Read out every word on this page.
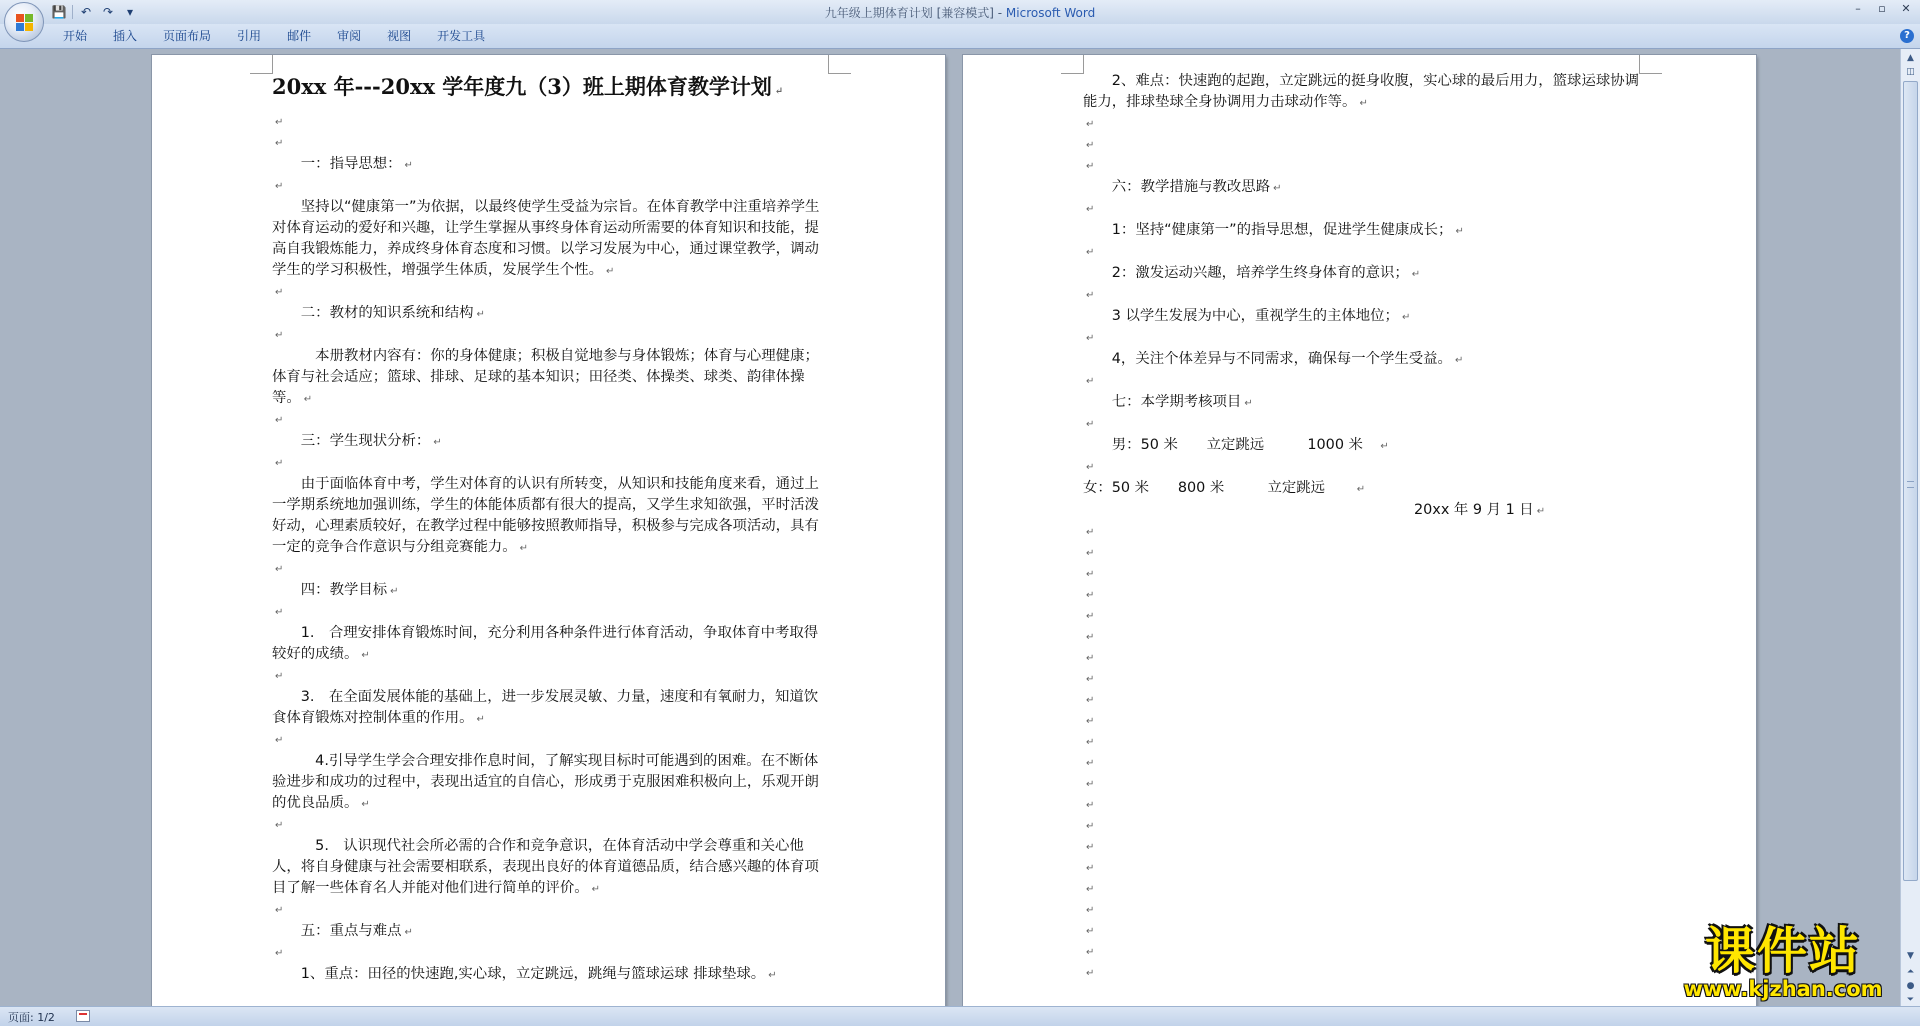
💾	↶ ↷	▾	九年级上期体育计划 [兼容模式] - Microsoft Word	–	▫	✕
开始	插入	页面布局	引用	邮件	审阅	视图	开发工具	?

20xx 年---20xx 学年度九（3）班上期体育教学计划 ↵

↵

↵

　　一：指导思想： ↵

↵

　　坚持以“健康第一”为依据，以最终使学生受益为宗旨。在体育教学中注重培养学生对体育运动的爱好和兴趣，让学生掌握从事终身体育运动所需要的体育知识和技能，提高自我锻炼能力，养成终身体育态度和习惯。以学习发展为中心，通过课堂教学，调动学生的学习积极性，增强学生体质，发展学生个性。 ↵

↵

　　二：教材的知识系统和结构 ↵

↵

　　　本册教材内容有：你的身体健康；积极自觉地参与身体锻炼；体育与心理健康；体育与社会适应；篮球、排球、足球的基本知识；田径类、体操类、球类、韵律体操等。 ↵

↵

　　三：学生现状分析： ↵

↵

　　由于面临体育中考，学生对体育的认识有所转变，从知识和技能角度来看，通过上一学期系统地加强训练，学生的体能体质都有很大的提高，又学生求知欲强，平时活泼好动，心理素质较好，在教学过程中能够按照教师指导，积极参与完成各项活动，具有一定的竞争合作意识与分组竞赛能力。 ↵

↵

　　四：教学目标 ↵

↵

　　1.　合理安排体育锻炼时间，充分利用各种条件进行体育活动，争取体育中考取得较好的成绩。 ↵

↵

　　3.　在全面发展体能的基础上，进一步发展灵敏、力量，速度和有氧耐力，知道饮食体育锻炼对控制体重的作用。 ↵

↵

　　　4.引导学生学会合理安排作息时间，了解实现目标时可能遇到的困难。在不断体验进步和成功的过程中，表现出适宜的自信心，形成勇于克服困难积极向上，乐观开朗的优良品质。 ↵

↵

　　　5.　认识现代社会所必需的合作和竞争意识，在体育活动中学会尊重和关心他人，将自身健康与社会需要相联系，表现出良好的体育道德品质，结合感兴趣的体育项目了解一些体育名人并能对他们进行简单的评价。 ↵

↵

　　五：重点与难点 ↵

↵

　　1、重点：田径的快速跑,实心球，立定跳远，跳绳与篮球运球 排球垫球。 ↵

　　2、难点：快速跑的起跑，立定跳远的挺身收腹，实心球的最后用力，篮球运球协调能力，排球垫球全身协调用力击球动作等。 ↵

↵

↵

↵

　　六：教学措施与教改思路 ↵

↵

　　1：坚持“健康第一”的指导思想，促进学生健康成长； ↵

↵

　　2：激发运动兴趣，培养学生终身体育的意识； ↵

↵

　　3 以学生发展为中心，重视学生的主体地位； ↵

↵

　　4，关注个体差异与不同需求，确保每一个学生受益。 ↵

↵

　　七：本学期考核项目 ↵

↵

　　男：50 米　　立定跳远　　　1000 米　↵

↵

女：50 米　　800 米　　　立定跳远　　↵

　　　　　　　　　　　　　　　　　　　　　　　20xx 年 9 月 1 日 ↵

↵

↵

↵

↵

↵

↵

↵

↵

↵

↵

↵

↵

↵

↵

↵

↵

↵

↵

↵

↵

↵

↵

▲
◫
▼
⏶
●
⏷
页面: 1/2
课件站
www.kjzhan.com
